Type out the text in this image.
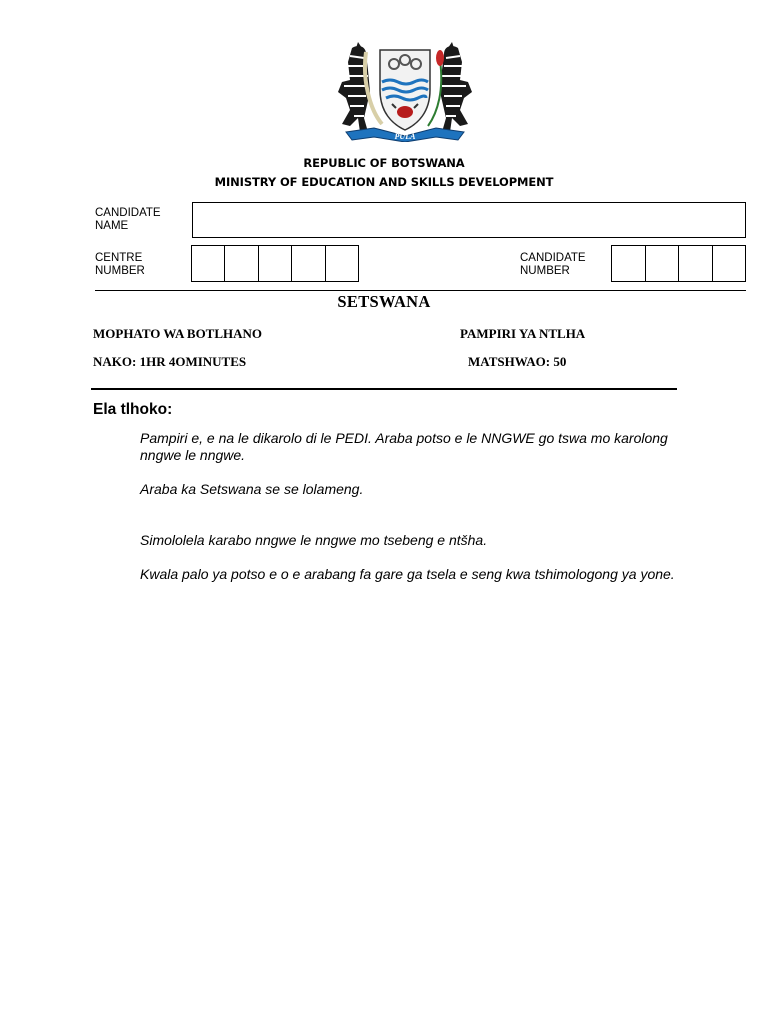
PULA
REPUBLIC OF BOTSWANA
MINISTRY OF EDUCATION AND SKILLS DEVELOPMENT
CANDIDATE
NAME
CENTRE
NUMBER
CANDIDATE
NUMBER
SETSWANA
MOPHATO WA BOTLHANO	PAMPIRI YA NTLHA
NAKO: 1HR 4OMINUTES	MATSHWAO: 50
Ela tlhoko:
Pampiri e, e na le dikarolo di le PEDI. Araba potso e le NNGWE go tswa mo karolong nngwe le nngwe.
Araba ka Setswana se se lolameng.
Simololela karabo nngwe le nngwe mo tsebeng e ntšha.
Kwala palo ya potso e o e arabang fa gare ga tsela e seng kwa tshimologong ya yone.
